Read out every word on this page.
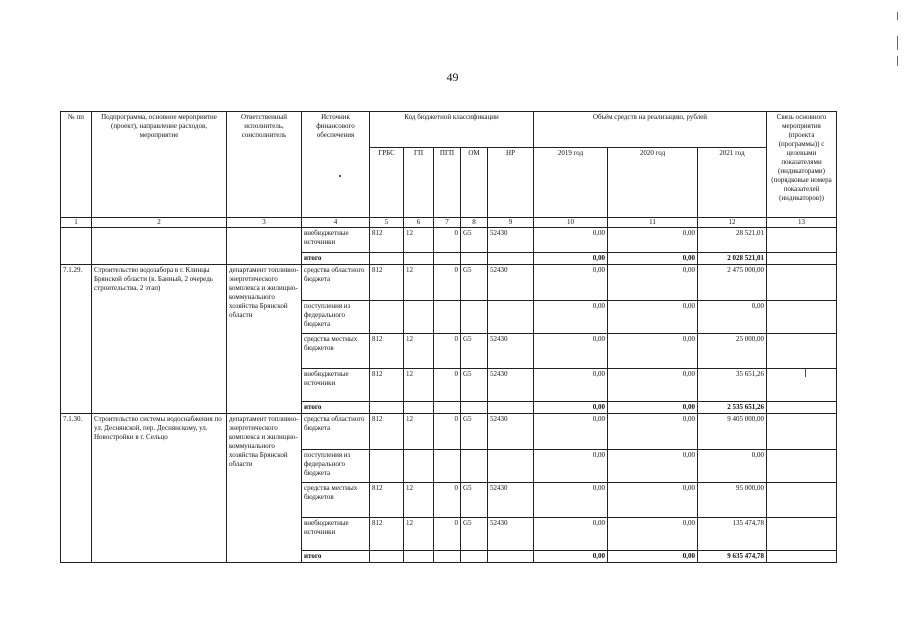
49
№ пп	Подпрограмма, основное мероприятие (проект), направление расходов, мероприятие	Ответственный исполнитель, соисполнитель	Источник финансового обеспечения	Код бюджетной классификации					Объём средств на реализацию, рублей			Связь основного мероприятия (проекта (программы)) с целевыми показателями (индикаторами) (порядковые номера показателей (индикаторов))
				ГРБС	ГП	ПГП	ОМ	НР	2019 год	2020 год	2021 год	
1	2	3	4	5	6	7	8	9	10	11	12	13
			внебюджетные источники	812	12	0	G5	52430	0,00	0,00	28 521,01	
			итого						0,00	0,00	2 028 521,01	
7.1.29.	Строительство водозабора в г. Клинцы Брянской области (в. Банный, 2 очередь строительства, 2 этап)	департамент топливно-энергетического комплекса и жилищно-коммунального хозяйства Брянской области	средства областного бюджета	812	12	0	G5	52430	0,00	0,00	2 475 000,00	
			поступления из федерального бюджета						0,00	0,00	0,00	
			средства местных бюджетов	812	12	0	G5	52430	0,00	0,00	25 000,00	
			внебюджетные источники	812	12	0	G5	52430	0,00	0,00	35 651,26	
			итого						0,00	0,00	2 535 651,26	
7.1.30.	Строительство системы водоснабжения по ул. Деснянской, пер. Деснянскому, ул. Новостройки в г. Сельцо	департамент топливно-энергетического комплекса и жилищно-коммунального хозяйства Брянской области	средства областного бюджета	812	12	0	G5	52430	0,00	0,00	9 405 000,00	
			поступления из федерального бюджета						0,00	0,00	0,00	
			средства местных бюджетов	812	12	0	G5	52430	0,00	0,00	95 000,00	
			внебюджетные источники	812	12	0	G5	52430	0,00	0,00	135 474,78	
			итого						0,00	0,00	9 635 474,78	
